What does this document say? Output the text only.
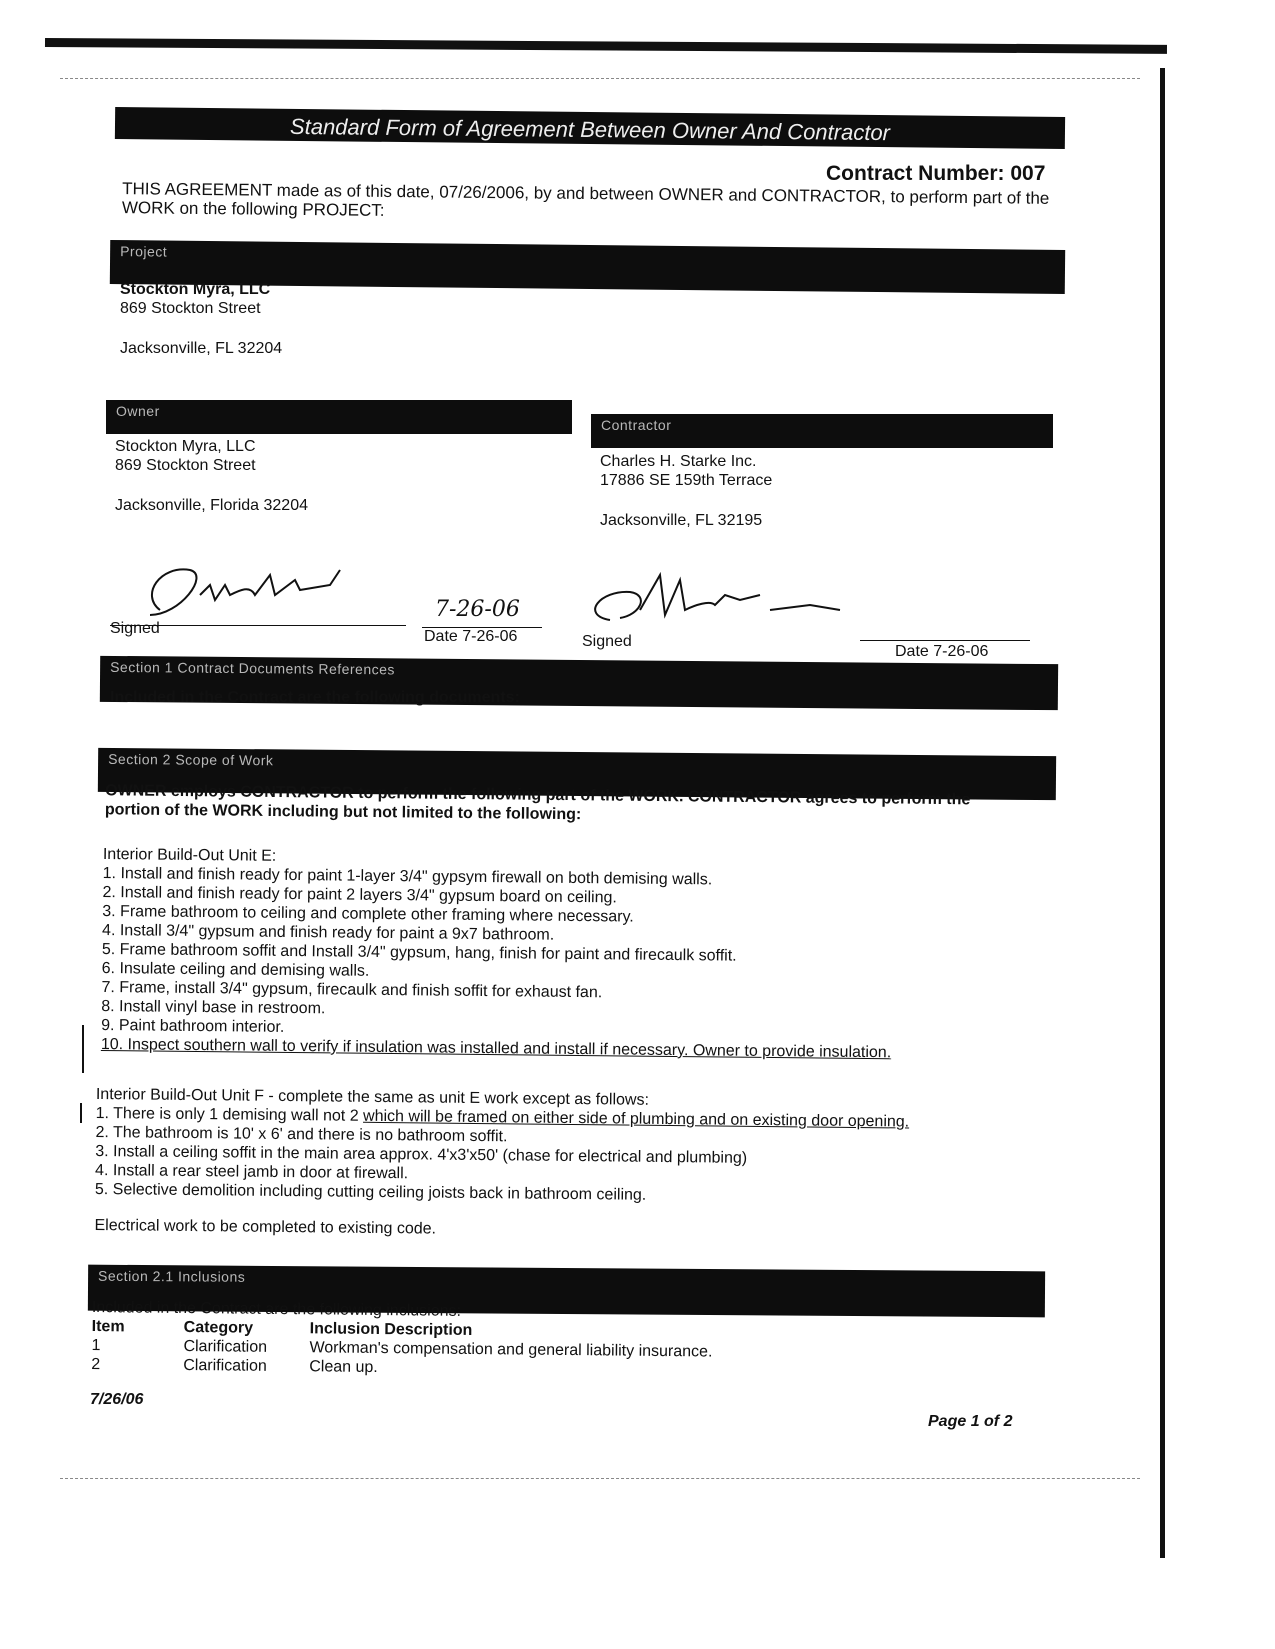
Standard Form of Agreement Between Owner And Contractor
Contract Number: 007
THIS AGREEMENT made as of this date, 07/26/2006, by and between OWNER and CONTRACTOR, to perform part of the WORK on the following PROJECT:
Project
Stockton Myra, LLC
869 Stockton Street
Jacksonville, FL 32204
Owner
Stockton Myra, LLC
869 Stockton Street
Jacksonville, Florida 32204
Contractor
Charles H. Starke Inc.
17886 SE 159th Terrace
Jacksonville, FL 32195
Signed
7-26-06
Date 7-26-06	Signed
Date 7-26-06
Section 1 Contract Documents References
Included in the Contract are the following documents:
Section 2 Scope of Work
OWNER employs CONTRACTOR to perform the following part of the WORK. CONTRACTOR agrees to perform the portion of the WORK including but not limited to the following:
Interior Build-Out Unit E:
1. Install and finish ready for paint 1-layer 3/4" gypsym firewall on both demising walls.
2. Install and finish ready for paint 2 layers 3/4" gypsum board on ceiling.
3. Frame bathroom to ceiling and complete other framing where necessary.
4. Install 3/4" gypsum and finish ready for paint a 9x7 bathroom.
5. Frame bathroom soffit and Install 3/4" gypsum, hang, finish for paint and firecaulk soffit.
6. Insulate ceiling and demising walls.
7. Frame, install 3/4" gypsum, firecaulk and finish soffit for exhaust fan.
8. Install vinyl base in restroom.
9. Paint bathroom interior.
10. Inspect southern wall to verify if insulation was installed and install if necessary. Owner to provide insulation.
Interior Build-Out Unit F - complete the same as unit E work except as follows:
1. There is only 1 demising wall not 2 which will be framed on either side of plumbing and on existing door opening.
2. The bathroom is 10' x 6' and there is no bathroom soffit.
3. Install a ceiling soffit in the main area approx. 4'x3'x50' (chase for electrical and plumbing)
4. Install a rear steel jamb in door at firewall.
5. Selective demolition including cutting ceiling joists back in bathroom ceiling.
Electrical work to be completed to existing code.
Section 2.1 Inclusions
Included in the Contract are the following inclusions:
Item	Category	Inclusion Description
1	Clarification	Workman's compensation and general liability insurance.
2	Clarification	Clean up.
7/26/06
Page 1 of 2
